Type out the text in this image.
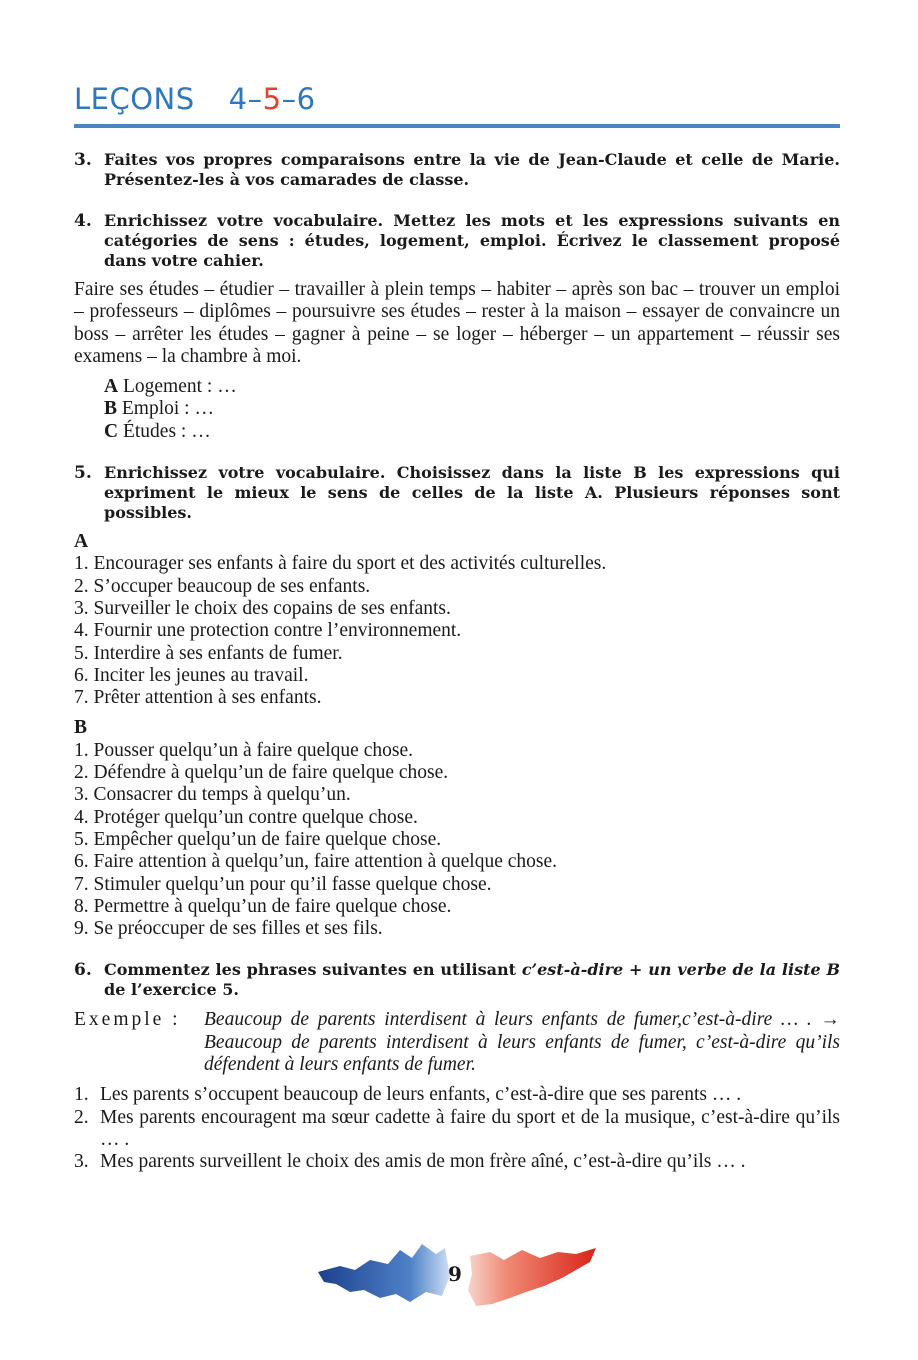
LEÇONS 4–5–6
3. Faites vos propres comparaisons entre la vie de Jean-Claude et celle de Marie. Présentez-les à vos camarades de classe.
4. Enrichissez votre vocabulaire. Mettez les mots et les expressions suivants en catégories de sens : études, logement, emploi. Écrivez le classement proposé dans votre cahier.

Faire ses études – étudier – travailler à plein temps – habiter – après son bac – trouver un emploi – professeurs – diplômes – poursuivre ses études – rester à la maison – essayer de convaincre un boss – arrêter les études – gagner à peine – se loger – héberger – un appartement – réussir ses examens – la chambre à moi.

A Logement : …
B Emploi : …
C Études : …
5. Enrichissez votre vocabulaire. Choisissez dans la liste B les expressions qui expriment le mieux le sens de celles de la liste A. Plusieurs réponses sont possibles.
A
1. Encourager ses enfants à faire du sport et des activités culturelles.
2. S’occuper beaucoup de ses enfants.
3. Surveiller le choix des copains de ses enfants.
4. Fournir une protection contre l’environnement.
5. Interdire à ses enfants de fumer.
6. Inciter les jeunes au travail.
7. Prêter attention à ses enfants.
B
1. Pousser quelqu’un à faire quelque chose.
2. Défendre à quelqu’un de faire quelque chose.
3. Consacrer du temps à quelqu’un.
4. Protéger quelqu’un contre quelque chose.
5. Empêcher quelqu’un de faire quelque chose.
6. Faire attention à quelqu’un, faire attention à quelque chose.
7. Stimuler quelqu’un pour qu’il fasse quelque chose.
8. Permettre à quelqu’un de faire quelque chose.
9. Se préoccuper de ses filles et ses fils.
6. Commentez les phrases suivantes en utilisant c’est-à-dire + un verbe de la liste B de l’exercice 5.
Exemple : Beaucoup de parents interdisent à leurs enfants de fumer,c’est-à-dire … . → Beaucoup de parents interdisent à leurs enfants de fumer, c’est-à-dire qu’ils défendent à leurs enfants de fumer.
1. Les parents s’occupent beaucoup de leurs enfants, c’est-à-dire que ses parents … .
2. Mes parents encouragent ma sœur cadette à faire du sport et de la musique, c’est-à-dire qu’ils … .
3. Mes parents surveillent le choix des amis de mon frère aîné, c’est-à-dire qu’ils … .
9
